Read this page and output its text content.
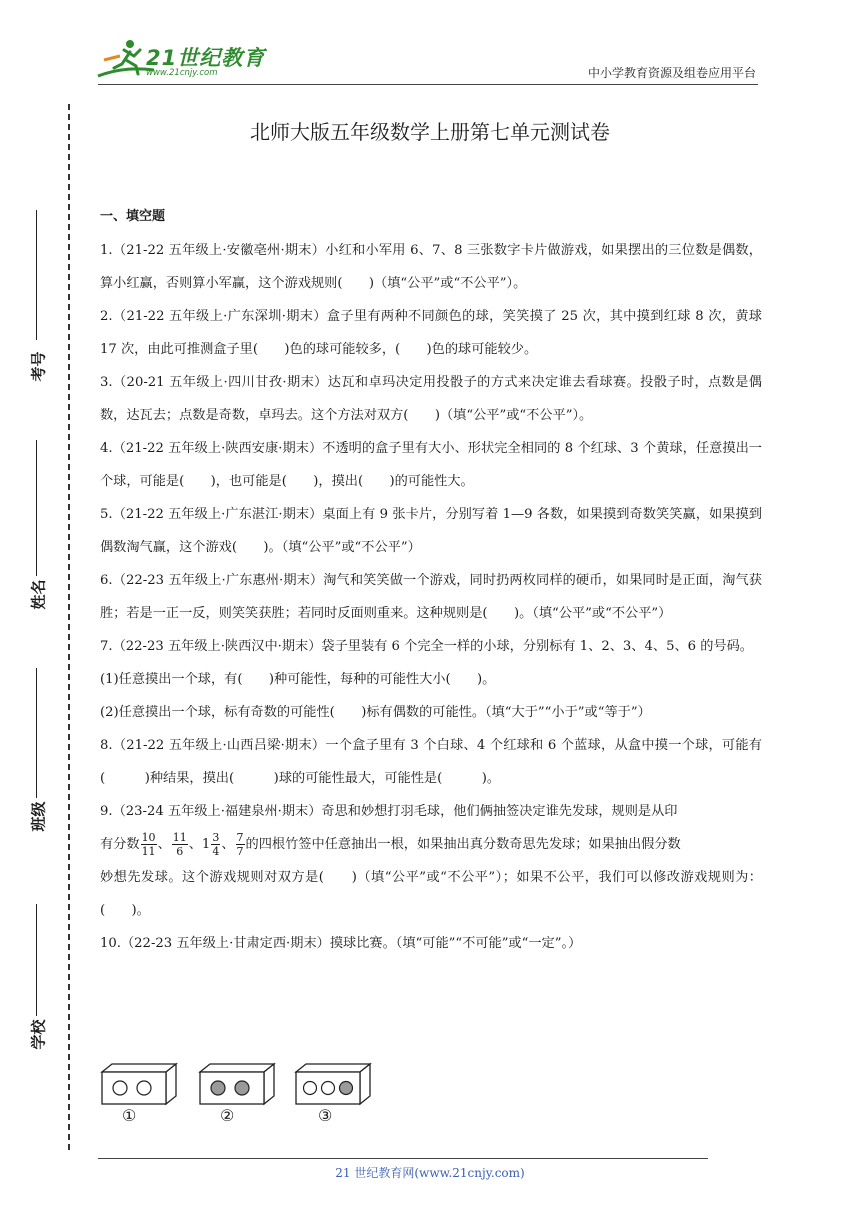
21世纪教育
www.21cnjy.com	中小学教育资源及组卷应用平台
考号
姓名
班级
学校
北师大版五年级数学上册第七单元测试卷
一、填空题
1.（21-22 五年级上·安徽亳州·期末）小红和小军用 6、7、8 三张数字卡片做游戏，如果摆出的三位数是偶数，算小红赢，否则算小军赢，这个游戏规则(　　)（填“公平”或“不公平”）。
2.（21-22 五年级上·广东深圳·期末）盒子里有两种不同颜色的球，笑笑摸了 25 次，其中摸到红球 8 次，黄球 17 次，由此可推测盒子里(　　)色的球可能较多，(　　)色的球可能较少。
3.（20-21 五年级上·四川甘孜·期末）达瓦和卓玛决定用投骰子的方式来决定谁去看球赛。投骰子时，点数是偶数，达瓦去；点数是奇数，卓玛去。这个方法对双方(　　)（填“公平”或“不公平”）。
4.（21-22 五年级上·陕西安康·期末）不透明的盒子里有大小、形状完全相同的 8 个红球、3 个黄球，任意摸出一个球，可能是(　　)，也可能是(　　)，摸出(　　)的可能性大。
5.（21-22 五年级上·广东湛江·期末）桌面上有 9 张卡片，分别写着 1—9 各数，如果摸到奇数笑笑赢，如果摸到偶数淘气赢，这个游戏(　　)。（填“公平”或“不公平”）
6.（22-23 五年级上·广东惠州·期末）淘气和笑笑做一个游戏，同时扔两枚同样的硬币，如果同时是正面，淘气获胜；若是一正一反，则笑笑获胜；若同时反面则重来。这种规则是(　　)。（填“公平”或“不公平”）
7.（22-23 五年级上·陕西汉中·期末）袋子里装有 6 个完全一样的小球，分别标有 1、2、3、4、5、6 的号码。
(1)任意摸出一个球，有(　　)种可能性，每种的可能性大小(　　)。
(2)任意摸出一个球，标有奇数的可能性(　　)标有偶数的可能性。（填“大于”“小于”或“等于”）
8.（21-22 五年级上·山西吕梁·期末）一个盒子里有 3 个白球、4 个红球和 6 个蓝球，从盒中摸一个球，可能有(　　　)种结果，摸出(　　　)球的可能性最大，可能性是(　　　)。
9.（23-24 五年级上·福建泉州·期末）奇思和妙想打羽毛球，他们俩抽签决定谁先发球，规则是从印
有分数 $\frac{10}{11}$ 、 $\frac{11}{6}$ 、$1 \frac{3}{4}$ 、 $\frac{7}{7}$ 的四根竹签中任意抽出一根，如果抽出真分数奇思先发球；如果抽出假分数
妙想先发球。这个游戏规则对双方是(　　)（填“公平”或“不公平”）；如果不公平，我们可以修改游戏规则为：(　　)。
10.（22-23 五年级上·甘肃定西·期末）摸球比赛。（填“可能”“不可能”或“一定”。）
①	②	③
21 世纪教育网(www.21cnjy.com)
